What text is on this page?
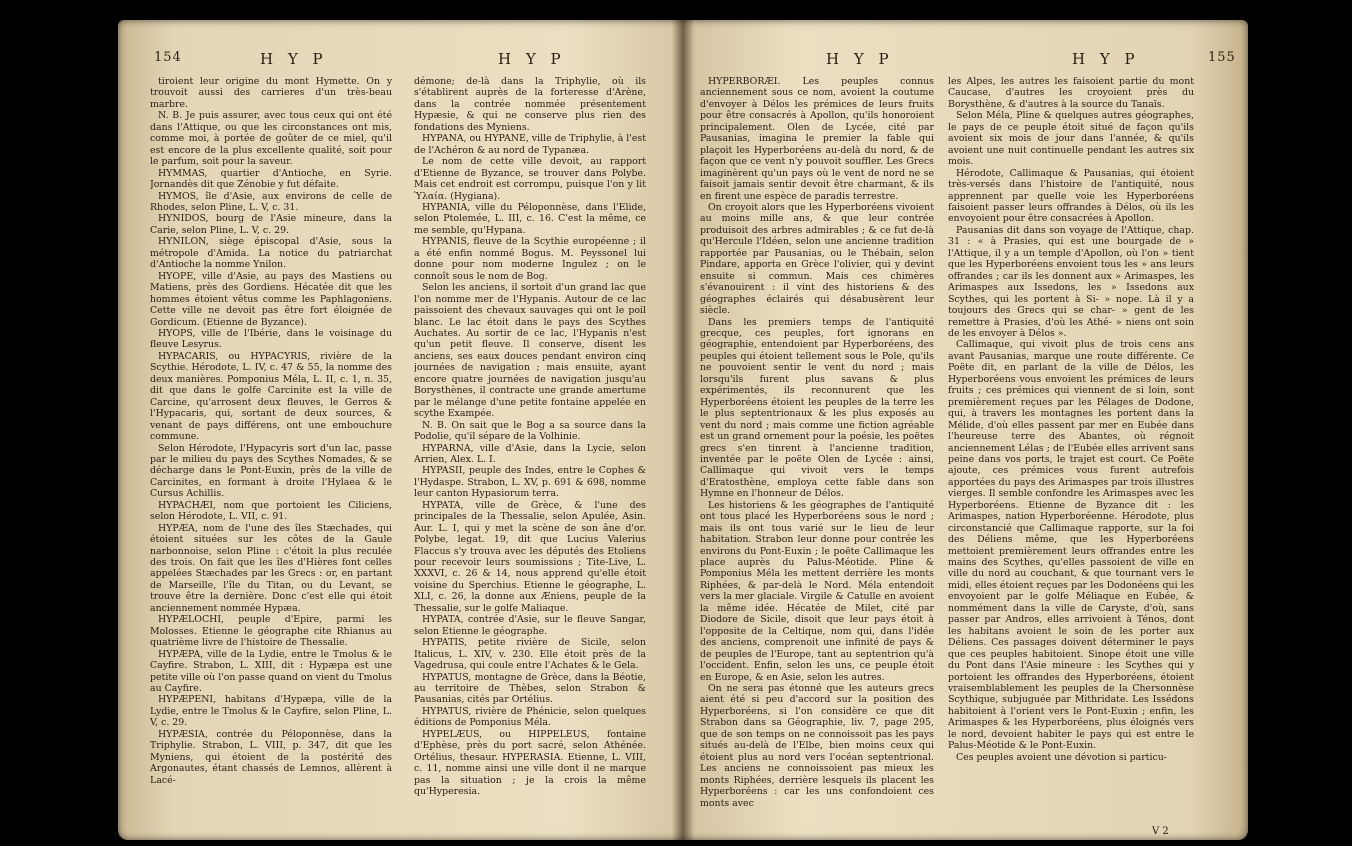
154	H Y P	H Y P

tiroient leur origine du mont Hymette. On y trouvoit aussi des carrieres d'un très-beau marbre.

N. B. Je puis assurer, avec tous ceux qui ont été dans l'Attique, ou que les circonstances ont mis, comme moi, à portée de goûter de ce miel, qu'il est encore de la plus excellente qualité, soit pour le parfum, soit pour la saveur.

HYMMAS, quartier d'Antioche, en Syrie. Jornandès dit que Zénobie y fut défaite.

HYMOS, île d'Asie, aux environs de celle de Rhodes, selon Pline, L. V, c. 31.

HYNIDOS, bourg de l'Asie mineure, dans la Carie, selon Pline, L. V, c. 29.

HYNILON, siège épiscopal d'Asie, sous la métropole d'Amida. La notice du patriarchat d'Antioche la nomme Ynilon.

HYOPE, ville d'Asie, au pays des Mastiens ou Matiens, près des Gordiens. Hécatée dit que les hommes étoient vêtus comme les Paphlagoniens. Cette ville ne devoit pas être fort éloignée de Gordicum. (Etienne de Byzance).

HYOPS, ville de l'Ibérie, dans le voisinage du fleuve Lesyrus.

HYPACARIS, ou HYPACYRIS, rivière de la Scythie. Hérodote, L. IV, c. 47 & 55, la nomme des deux manières. Pomponius Méla, L. II, c. 1, n. 35, dit que dans le golfe Carcinite est la ville de Carcine, qu'arrosent deux fleuves, le Gerros & l'Hypacaris, qui, sortant de deux sources, & venant de pays différens, ont une embouchure commune.

Selon Hérodote, l'Hypacyris sort d'un lac, passe par le milieu du pays des Scythes Nomades, & se décharge dans le Pont-Euxin, près de la ville de Carcinites, en formant à droite l'Hylaea & le Cursus Achillis.

HYPACHÆI, nom que portoient les Ciliciens, selon Hérodote, L. VII, c. 91.

HYPÆA, nom de l'une des îles Stæchades, qui étoient situées sur les côtes de la Gaule narbonnoise, selon Pline : c'étoit la plus reculée des trois. On fait que les îles d'Hières font celles appelées Stæchades par les Grecs : or, en partant de Marseille, l'île du Titan, ou du Levant, se trouve être la dernière. Donc c'est elle qui étoit anciennement nommée Hypæa.

HYPÆLOCHI, peuple d'Epire, parmi les Molosses. Etienne le géographe cite Rhianus au quatrième livre de l'histoire de Thessalie.

HYPÆPA, ville de la Lydie, entre le Tmolus & le Cayfire. Strabon, L. XIII, dit : Hypæpa est une petite ville où l'on passe quand on vient du Tmolus au Cayfire.

HYPÆPENI, habitans d'Hypæpa, ville de la Lydie, entre le Tmolus & le Cayfire, selon Pline, L. V, c. 29.

HYPÆSIA, contrée du Péloponnèse, dans la Triphylie. Strabon, L. VIII, p. 347, dit que les Myniens, qui étoient de la postérité des Argonautes, étant chassés de Lemnos, allèrent à Lacé-

démone; de-là dans la Triphylie, où ils s'établirent auprès de la forteresse d'Arène, dans la contrée nommée présentement Hypæsie, & qui ne conserve plus rien des fondations des Myniens.

HYPANA, ou HYPANE, ville de Triphylie, à l'est de l'Achéron & au nord de Typanæa.

Le nom de cette ville devoit, au rapport d'Etienne de Byzance, se trouver dans Polybe. Mais cet endroit est corrompu, puisque l'on y lit Ὑλαία. (Hygiana).

HYPANIA, ville du Péloponnèse, dans l'Elide, selon Ptolemée, L. III, c. 16. C'est la même, ce me semble, qu'Hypana.

HYPANIS, fleuve de la Scythie européenne ; il a été enfin nommé Bogus. M. Peyssonel lui donne pour nom moderne Ingulez ; on le connoît sous le nom de Bog.

Selon les anciens, il sortoit d'un grand lac que l'on nomme mer de l'Hypanis. Autour de ce lac paissoient des chevaux sauvages qui ont le poil blanc. Le lac étoit dans le pays des Scythes Auchates. Au sortir de ce lac, l'Hypanis n'est qu'un petit fleuve. Il conserve, disent les anciens, ses eaux douces pendant environ cinq journées de navigation ; mais ensuite, ayant encore quatre journées de navigation jusqu'au Borysthènes, il contracte une grande amertume par le mélange d'une petite fontaine appelée en scythe Exampée.

N. B. On sait que le Bog a sa source dans la Podolie, qu'il sépare de la Volhinie.

HYPARNA, ville d'Asie, dans la Lycie, selon Arrien, Alex. L. I.

HYPASII, peuple des Indes, entre le Cophes & l'Hydaspe. Strabon, L. XV, p. 691 & 698, nomme leur canton Hypasiorum terra.

HYPATA, ville de Grèce, & l'une des principales de la Thessalie, selon Apulée, Asin. Aur. L. I, qui y met la scène de son âne d'or. Polybe, legat. 19, dit que Lucius Valerius Flaccus s'y trouva avec les députés des Etoliens pour recevoir leurs soumissions ; Tite-Live, L. XXXVI, c. 26 & 14, nous apprend qu'elle étoit voisine du Sperchius. Etienne le géographe, L. XLI, c. 26, la donne aux Æniens, peuple de la Thessalie, sur le golfe Maliaque.

HYPATA, contrée d'Asie, sur le fleuve Sangar, selon Etienne le géographe.

HYPATIS, petite rivière de Sicile, selon Italicus, L. XIV, v. 230. Elle étoit près de la Vagedrusa, qui coule entre l'Achates & le Gela.

HYPATUS, montagne de Grèce, dans la Béotie, au territoire de Thèbes, selon Strabon & Pausanias, cités par Ortélius.

HYPATUS, rivière de Phénicie, selon quelques éditions de Pomponius Méla.

HYPELÆUS, ou HIPPELEUS, fontaine d'Ephèse, près du port sacré, selon Athénée. Ortélius, thesaur. HYPERASIA. Etienne, L. VIII, c. 11, nomme ainsi une ville dont il ne marque pas la situation ; je la crois la même qu'Hyperesia.

H Y P	H Y P	155

HYPERBORÆI. Les peuples connus anciennement sous ce nom, avoient la coutume d'envoyer à Délos les prémices de leurs fruits pour être consacrés à Apollon, qu'ils honoroient principalement. Olen de Lycée, cité par Pausanias, imagina le premier la fable qui plaçoit les Hyperboréens au-delà du nord, & de façon que ce vent n'y pouvoit souffler. Les Grecs imaginèrent qu'un pays où le vent de nord ne se faisoit jamais sentir devoit être charmant, & ils en firent une espèce de paradis terrestre.

On croyoit alors que les Hyperboréens vivoient au moins mille ans, & que leur contrée produisoit des arbres admirables ; & ce fut de-là qu'Hercule l'Idéen, selon une ancienne tradition rapportée par Pausanias, ou le Thébain, selon Pindare, apporta en Grèce l'olivier, qui y devint ensuite si commun. Mais ces chimères s'évanouirent : il vint des historiens & des géographes éclairés qui désabusèrent leur siècle.

Dans les premiers temps de l'antiquité grecque, ces peuples, fort ignorans en géographie, entendoient par Hyperboréens, des peuples qui étoient tellement sous le Pole, qu'ils ne pouvoient sentir le vent du nord ; mais lorsqu'ils furent plus savans & plus expérimentés, ils reconnurent que les Hyperboréens étoient les peuples de la terre les le plus septentrionaux & les plus exposés au vent du nord ; mais comme une fiction agréable est un grand ornement pour la poésie, les poëtes grecs s'en tinrent à l'ancienne tradition, inventée par le poëte Olen de Lycée : ainsi, Callimaque qui vivoit vers le temps d'Eratosthène, employa cette fable dans son Hymne en l'honneur de Délos.

Les historiens & les géographes de l'antiquité ont tous placé les Hyperboréens sous le nord ; mais ils ont tous varié sur le lieu de leur habitation. Strabon leur donne pour contrée les environs du Pont-Euxin ; le poëte Callimaque les place auprès du Palus-Méotide. Pline & Pomponius Méla les mettent derrière les monts Riphées, & par-delà le Nord. Méla entendoit vers la mer glaciale. Virgile & Catulle en avoient la même idée. Hécatée de Milet, cité par Diodore de Sicile, disoit que leur pays étoit à l'opposite de la Celtique, nom qui, dans l'idée des anciens, comprenoit une infinité de pays & de peuples de l'Europe, tant au septentrion qu'à l'occident. Enfin, selon les uns, ce peuple étoit en Europe, & en Asie, selon les autres.

On ne sera pas étonné que les auteurs grecs aient été si peu d'accord sur la position des Hyperboréens, si l'on considère ce que dit Strabon dans sa Géographie, liv. 7, page 295, que de son temps on ne connoissoit pas les pays situés au-delà de l'Elbe, bien moins ceux qui étoient plus au nord vers l'océan septentrional. Les anciens ne connoissoient pas mieux les monts Riphées, derrière lesquels ils placent les Hyperboréens : car les uns confondoient ces monts avec

les Alpes, les autres les faisoient partie du mont Caucase, d'autres les croyoient près du Borysthène, & d'autres à la source du Tanaïs.

Selon Méla, Pline & quelques autres géographes, le pays de ce peuple étoit situé de façon qu'ils avoient six mois de jour dans l'année, & qu'ils avoient une nuit continuelle pendant les autres six mois.

Hérodote, Callimaque & Pausanias, qui étoient très-versés dans l'histoire de l'antiquité, nous apprennent par quelle voie les Hyperboréens faisoient passer leurs offrandes à Délos, où ils les envoyoient pour être consacrées à Apollon.

Pausanias dit dans son voyage de l'Attique, chap. 31 : « à Prasies, qui est une bourgade de » l'Attique, il y a un temple d'Apollon, où l'on » tient que les Hyperboréens envoient tous les » ans leurs offrandes ; car ils les donnent aux » Arimaspes, les Arimaspes aux Issedons, les » Issedons aux Scythes, qui les portent à Si- » nope. Là il y a toujours des Grecs qui se char- » gent de les remettre à Prasies, d'où les Athé- » niens ont soin de les envoyer à Délos ».

Callimaque, qui vivoit plus de trois cens ans avant Pausanias, marque une route différente. Ce Poëte dit, en parlant de la ville de Délos, les Hyperboréens vous envoient les prémices de leurs fruits ; ces prémices qui viennent de si loin, sont premièrement reçues par les Pélages de Dodone, qui, à travers les montagnes les portent dans la Mélide, d'où elles passent par mer en Eubée dans l'heureuse terre des Abantes, où régnoit anciennement Lélas ; de l'Eubée elles arrivent sans peine dans vos ports, le trajet est court. Ce Poëte ajoute, ces prémices vous furent autrefois apportées du pays des Arimaspes par trois illustres vierges. Il semble confondre les Arimaspes avec les Hyperboréens. Etienne de Byzance dit : les Arimaspes, nation Hyperboréenne. Hérodote, plus circonstancié que Callimaque rapporte, sur la foi des Déliens même, que les Hyperboréens mettoient premièrement leurs offrandes entre les mains des Scythes, qu'elles passoient de ville en ville du nord au couchant, & que tournant vers le midi, elles étoient reçues par les Dodonéens qui les envoyoient par le golfe Méliaque en Eubée, & nommément dans la ville de Caryste, d'où, sans passer par Andros, elles arrivoient à Ténos, dont les habitans avoient le soin de les porter aux Déliens. Ces passages doivent déterminer le pays que ces peuples habitoient. Sinope étoit une ville du Pont dans l'Asie mineure : les Scythes qui y portoient les offrandes des Hyperboréens, étoient vraisemblablement les peuples de la Chersonnèse Scythique, subjuguée par Mithridate. Les Issédons habitoient à l'orient vers le Pont-Euxin ; enfin, les Arimaspes & les Hyperboréens, plus éloignés vers le nord, devoient habiter le pays qui est entre le Palus-Méotide & le Pont-Euxin.

Ces peuples avoient une dévotion si particu-

V 2
